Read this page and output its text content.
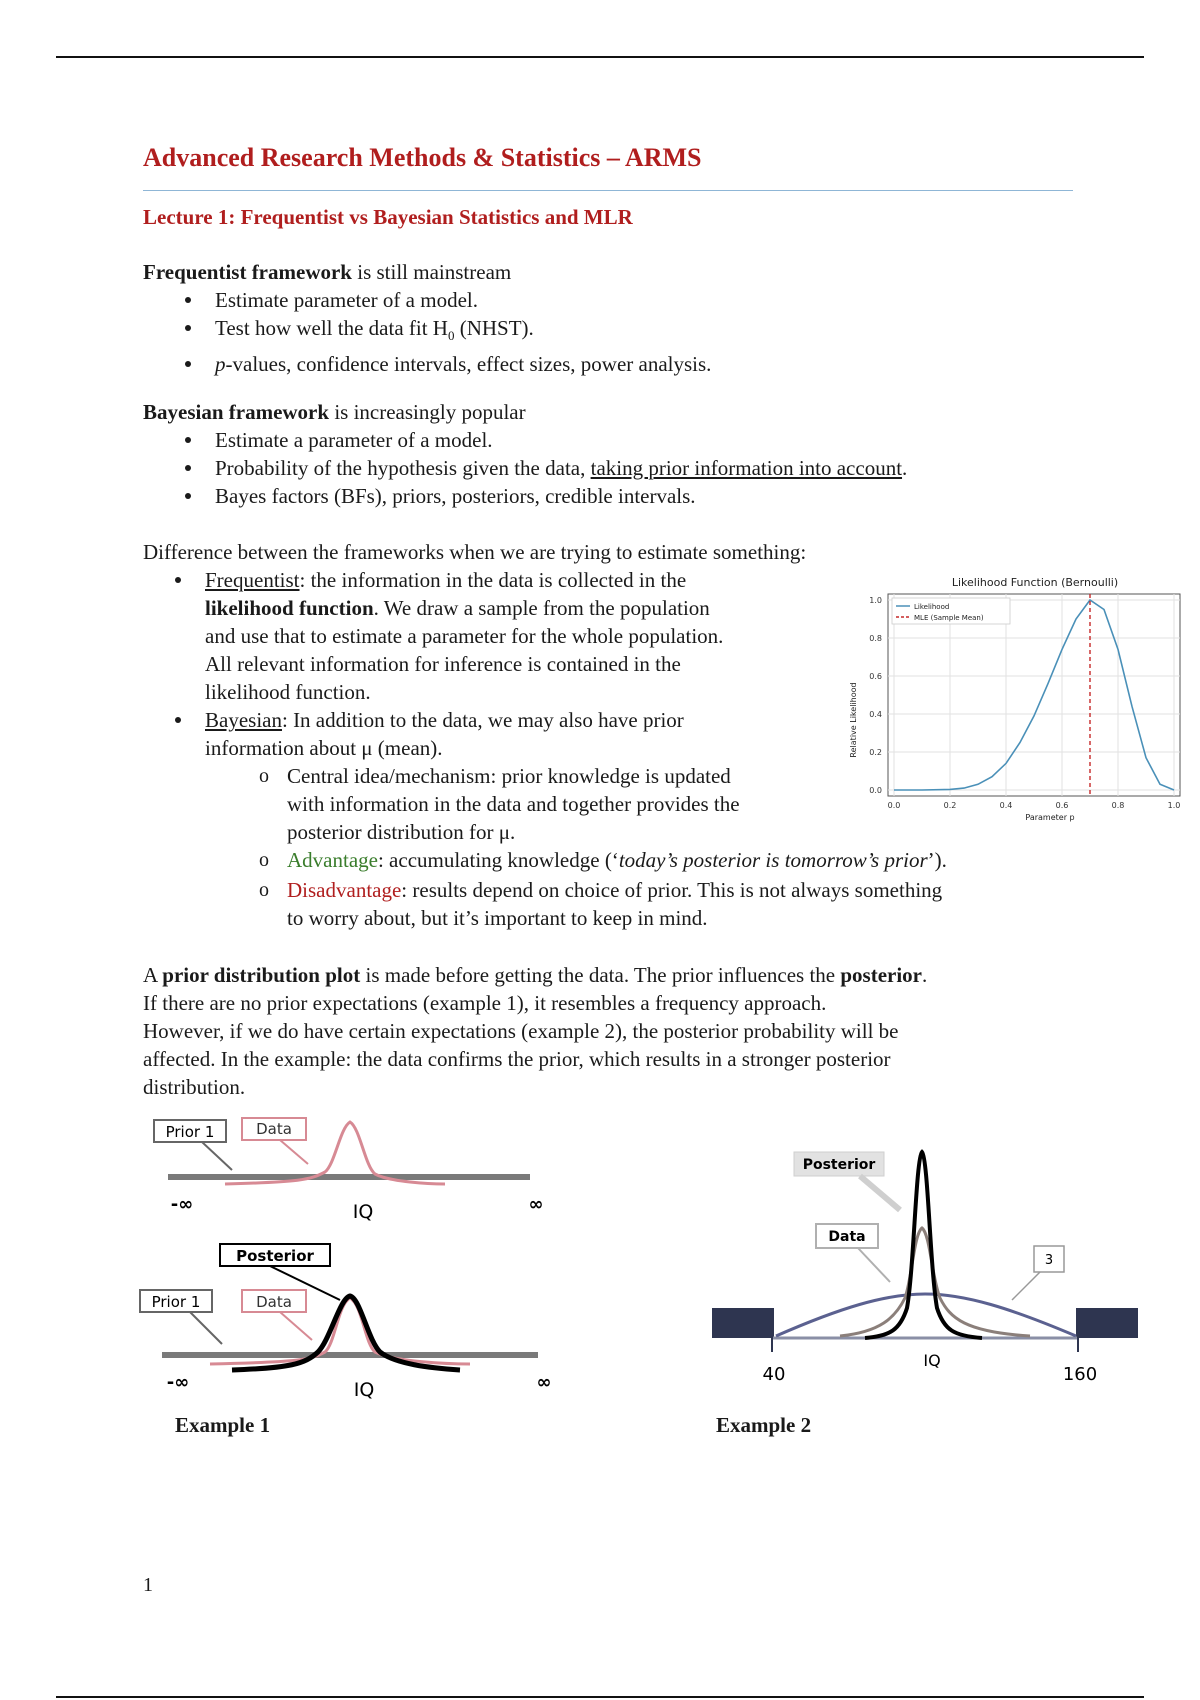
Advanced Research Methods & Statistics – ARMS
Lecture 1: Frequentist vs Bayesian Statistics and MLR
Frequentist framework is still mainstream
Estimate parameter of a model.
Test how well the data fit $H_0$ (NHST).
p-values, confidence intervals, effect sizes, power analysis.
Bayesian framework is increasingly popular
Estimate a parameter of a model.
Probability of the hypothesis given the data, taking prior information into account.
Bayes factors (BFs), priors, posteriors, credible intervals.
Difference between the frameworks when we are trying to estimate something:
Frequentist: the information in the data is collected in the
likelihood function. We draw a sample from the population
and use that to estimate a parameter for the whole population.
All relevant information for inference is contained in the
likelihood function.
Bayesian: In addition to the data, we may also have prior
information about μ (mean).
o Central idea/mechanism: prior knowledge is updated
with information in the data and together provides the
posterior distribution for μ.
o Advantage: accumulating knowledge (‘today’s posterior is tomorrow’s prior’).
o Disadvantage: results depend on choice of prior. This is not always something
to worry about, but it’s important to keep in mind.
Likelihood Function (Bernoulli)
Parameter p
Relative Likelihood
0.0	0.2	0.4	0.6	0.8	1.0
0.0
0.2
0.4
0.6
0.8
1.0
Likelihood
MLE (Sample Mean)
A prior distribution plot is made before getting the data. The prior influences the posterior.
If there are no prior expectations (example 1), it resembles a frequency approach.
However, if we do have certain expectations (example 2), the posterior probability will be
affected. In the example: the data confirms the prior, which results in a stronger posterior
distribution.
Prior 1	Data
-∞	IQ	∞
Posterior
Prior 1	Data
-∞	IQ	∞
Example 1
Posterior
Data
3
40
IQ
160
Example 2
1
